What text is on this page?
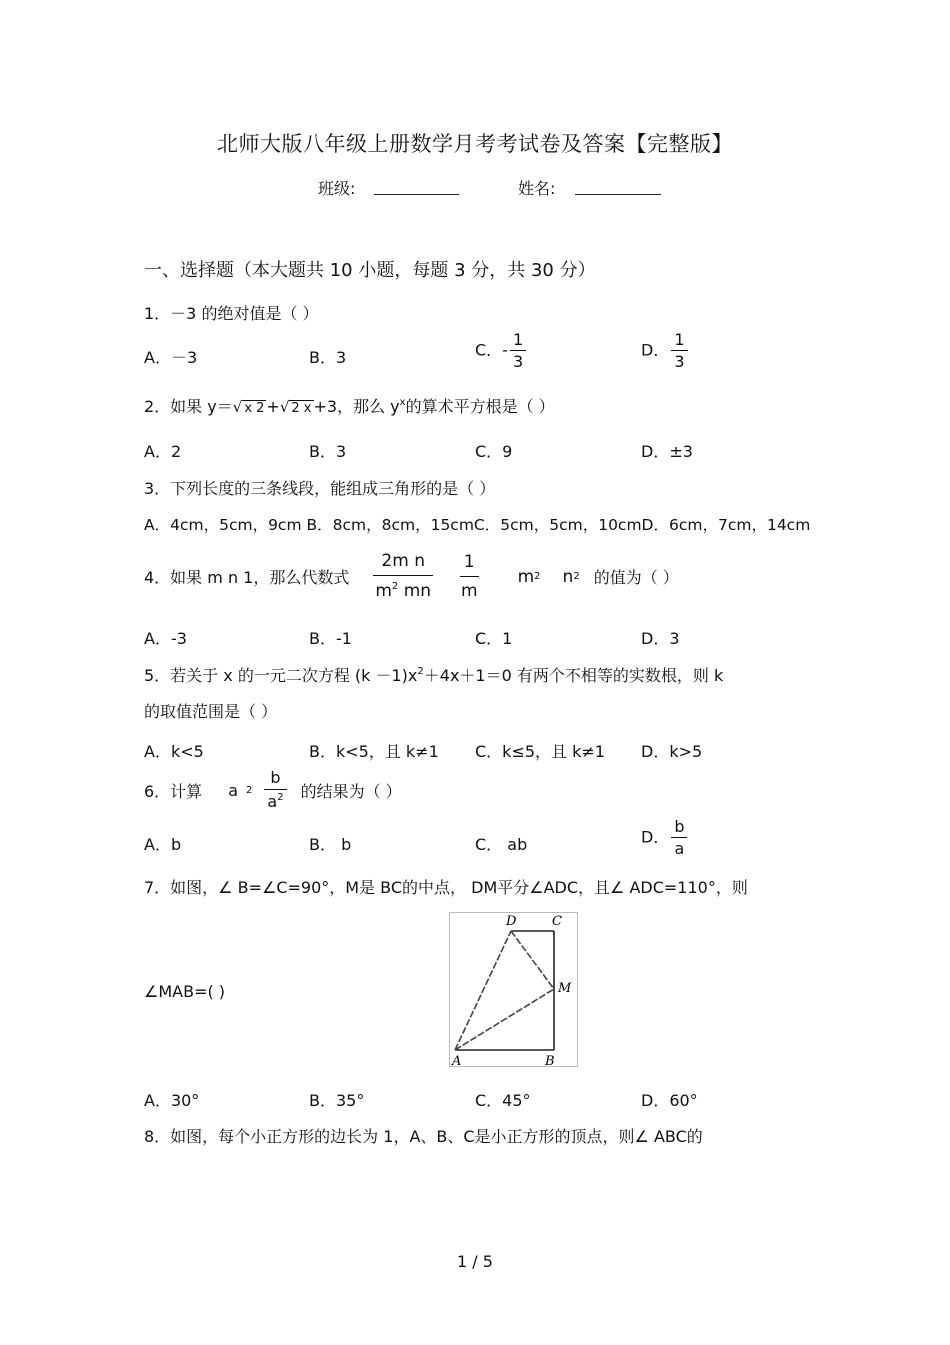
北师大版八年级上册数学月考考试卷及答案【完整版】
班级:	姓名:
一、选择题（本大题共 10 小题，每题 3 分，共 30 分）
1．－3 的绝对值是（ ）
A．－3	B．3	C．- $\frac{1}{3}$	D． $\frac{1}{3}$
2．如果 y＝√ x 2 +√ 2 x +3，那么 $y^x$的算术平方根是（ ）
A．2	B．3	C．9	D．±3
3．下列长度的三条线段，能组成三角形的是（ ）
A．4cm，5cm，9cm B．8cm，8cm，15cmC．5cm，5cm，10cmD．6cm，7cm，14cm
4．如果 m n 1，那么代数式 $\frac{\text{2m n}}{m^2 mn} \frac{1}{m}$ m 2 n 2 的值为（ ）
A．-3	B．-1	C．1	D．3
5．若关于 x 的一元二次方程 $(k -1)x^2+4x+1=0$ 有两个不相等的实数根，则 k
的取值范围是（ ）
A．k<5	B．k<5，且 k≠1 C．k≤5，且 k≠1 D．k>5
6．计算 a $2 \frac{b}{a^2}$ 的结果为（ ）
A．b	B． b	C． ab	D． $\frac{b}{a}$
7．如图，∠ B=∠C=90°，M是 BC的中点， DM平分∠ADC，且∠ ADC=110°，则
∠MAB=( )
D	C
M
A	B
A．30°	B．35°	C．45°	D．60°
8．如图，每个小正方形的边长为 1，A、B、C是小正方形的顶点，则∠ ABC的
1 / 5
